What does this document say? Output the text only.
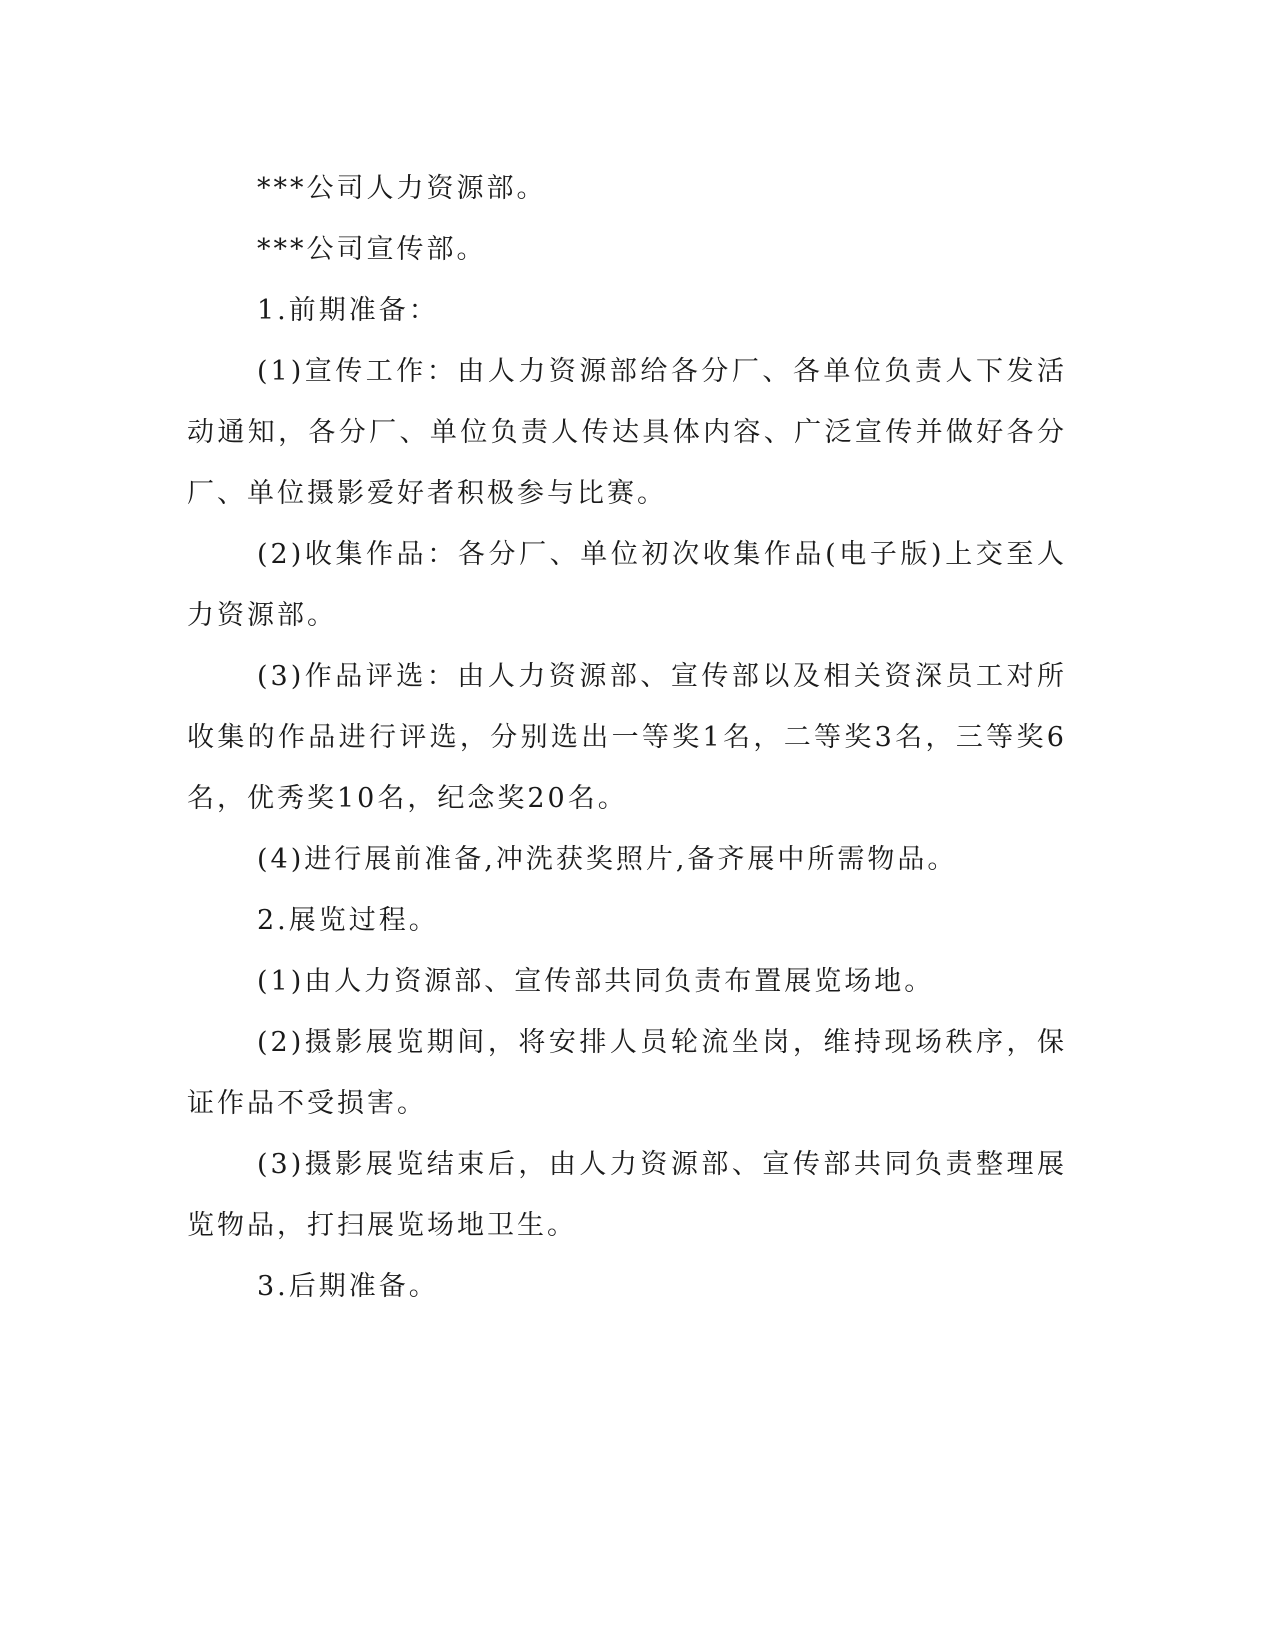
***公司人力资源部。

***公司宣传部。

1.前期准备：

(1)宣传工作：由人力资源部给各分厂、各单位负责人下发活动通知，各分厂、单位负责人传达具体内容、广泛宣传并做好各分厂、单位摄影爱好者积极参与比赛。

(2)收集作品：各分厂、单位初次收集作品(电子版)上交至人力资源部。

(3)作品评选：由人力资源部、宣传部以及相关资深员工对所收集的作品进行评选，分别选出一等奖1名，二等奖3名，三等奖6名，优秀奖10名，纪念奖20名。

(4)进行展前准备,冲洗获奖照片,备齐展中所需物品。

2.展览过程。

(1)由人力资源部、宣传部共同负责布置展览场地。

(2)摄影展览期间，将安排人员轮流坐岗，维持现场秩序，保证作品不受损害。

(3)摄影展览结束后，由人力资源部、宣传部共同负责整理展览物品，打扫展览场地卫生。

3.后期准备。
